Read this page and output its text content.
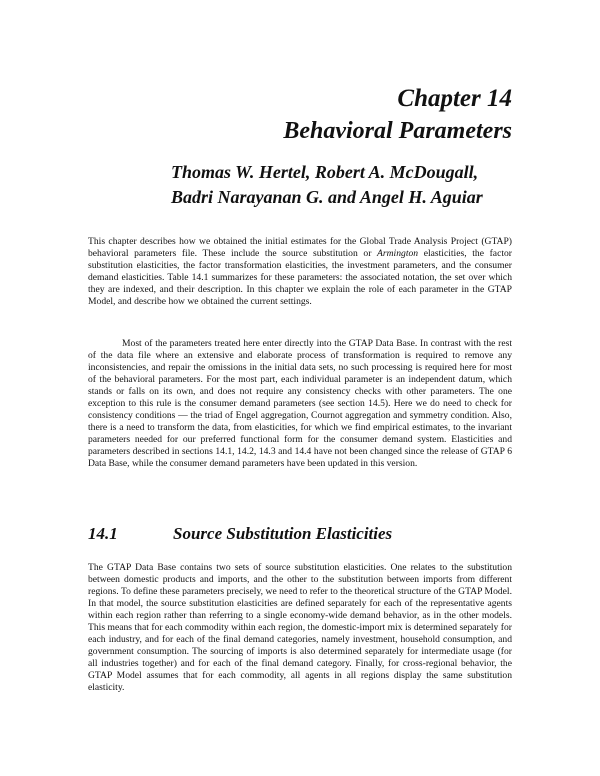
Chapter 14
Behavioral Parameters
Thomas W. Hertel, Robert A. McDougall,
Badri Narayanan G. and Angel H. Aguiar

This chapter describes how we obtained the initial estimates for the Global Trade Analysis Project (GTAP) behavioral parameters file. These include the source substitution or Armington elasticities, the factor substitution elasticities, the factor transformation elasticities, the investment parameters, and the consumer demand elasticities. Table 14.1 summarizes for these parameters: the associated notation, the set over which they are indexed, and their description. In this chapter we explain the role of each parameter in the GTAP Model, and describe how we obtained the current settings.

Most of the parameters treated here enter directly into the GTAP Data Base. In contrast with the rest of the data file where an extensive and elaborate process of transformation is required to remove any inconsistencies, and repair the omissions in the initial data sets, no such processing is required here for most of the behavioral parameters. For the most part, each individual parameter is an independent datum, which stands or falls on its own, and does not require any consistency checks with other parameters. The one exception to this rule is the consumer demand parameters (see section 14.5). Here we do need to check for consistency conditions — the triad of Engel aggregation, Cournot aggregation and symmetry condition. Also, there is a need to transform the data, from elasticities, for which we find empirical estimates, to the invariant parameters needed for our preferred functional form for the consumer demand system. Elasticities and parameters described in sections 14.1, 14.2, 14.3 and 14.4 have not been changed since the release of GTAP 6 Data Base, while the consumer demand parameters have been updated in this version.

14.1	Source Substitution Elasticities

The GTAP Data Base contains two sets of source substitution elasticities. One relates to the substitution between domestic products and imports, and the other to the substitution between imports from different regions. To define these parameters precisely, we need to refer to the theoretical structure of the GTAP Model. In that model, the source substitution elasticities are defined separately for each of the representative agents within each region rather than referring to a single economy-wide demand behavior, as in the other models. This means that for each commodity within each region, the domestic-import mix is determined separately for each industry, and for each of the final demand categories, namely investment, household consumption, and government consumption. The sourcing of imports is also determined separately for intermediate usage (for all industries together) and for each of the final demand category. Finally, for cross-regional behavior, the GTAP Model assumes that for each commodity, all agents in all regions display the same substitution elasticity.
